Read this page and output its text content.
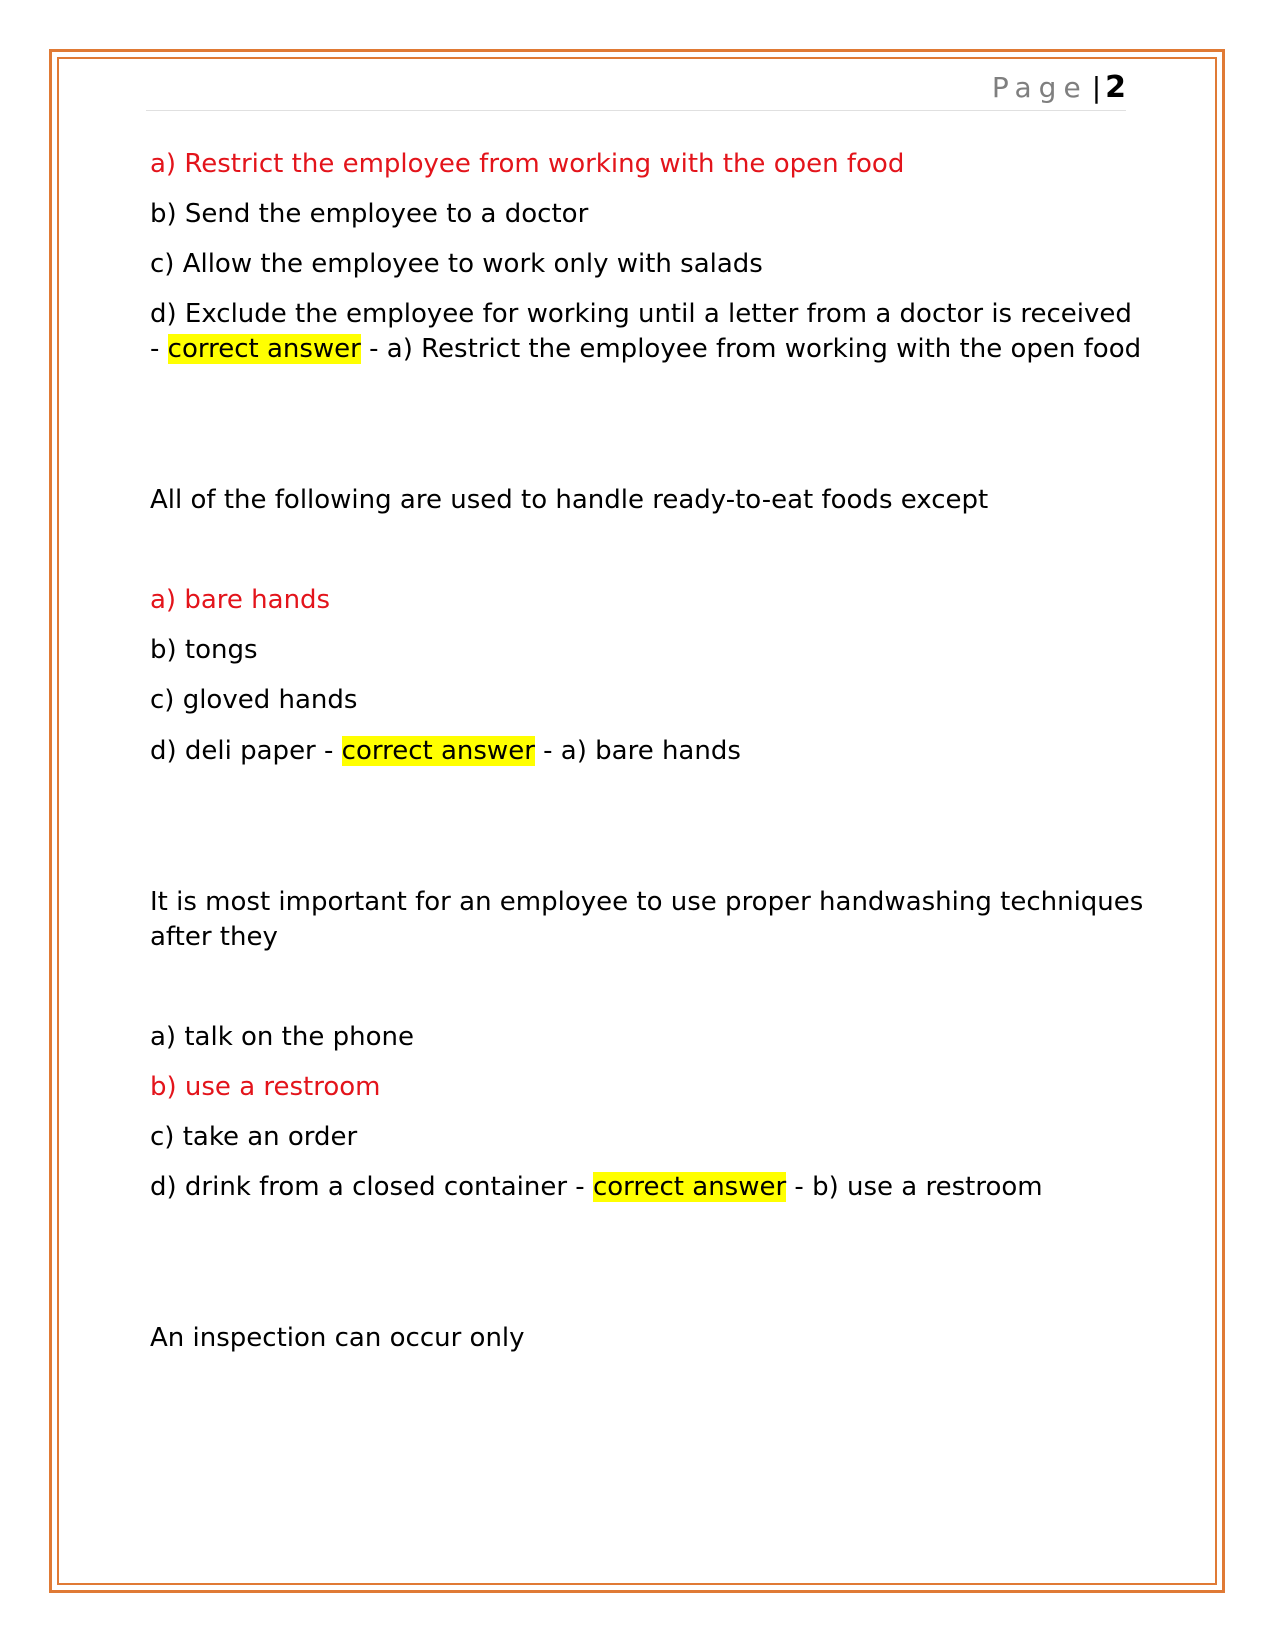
Page | 2
a) Restrict the employee from working with the open food
b) Send the employee to a doctor
c) Allow the employee to work only with salads
d) Exclude the employee for working until a letter from a doctor is received
- correct answer - a) Restrict the employee from working with the open food
All of the following are used to handle ready-to-eat foods except
a) bare hands
b) tongs
c) gloved hands
d) deli paper - correct answer - a) bare hands
It is most important for an employee to use proper handwashing techniques
after they
a) talk on the phone
b) use a restroom
c) take an order
d) drink from a closed container - correct answer - b) use a restroom
An inspection can occur only
